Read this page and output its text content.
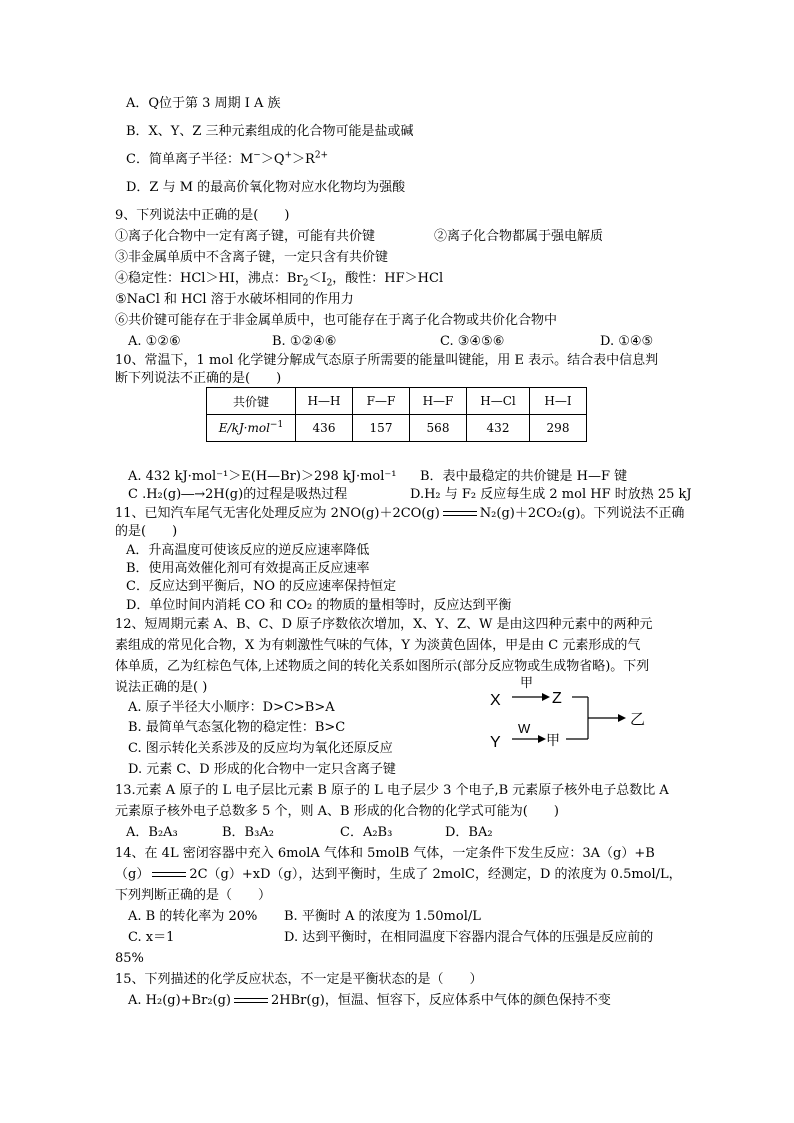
A．Q位于第 3 周期 I A 族
B．X、Y、Z 三种元素组成的化合物可能是盐或碱
C．简单离子半径：$M^->Q^+>R^{2+}$
D．Z 与 M 的最高价氧化物对应水化物均为强酸
9、下列说法中正确的是(　　)
①离子化合物中一定有离子键，可能有共价键	②离子化合物都属于强电解质
③非金属单质中不含离子键，一定只含有共价键
④稳定性：HCl＞HI，沸点：$Br_2<I_2$，酸性：HF＞HCl
⑤NaCl 和 HCl 溶于水破坏相同的作用力
⑥共价键可能存在于非金属单质中，也可能存在于离子化合物或共价化合物中
A. ①②⑥	B. ①②④⑥	C. ③④⑤⑥	D. ①④⑤
10、常温下，1 mol 化学键分解成气态原子所需要的能量叫键能，用 E 表示。结合表中信息判
断下列说法不正确的是(　　)
共价键	H—H	F—F	H—F	H—Cl	H—I
E/kJ·mol$^{-1}$	436	157	568	432	298
A. 432 kJ·mol⁻¹＞E(H—Br)＞298 kJ·mol⁻¹ B．表中最稳定的共价键是 H—F 键
C .H₂(g)―→2H(g)的过程是吸热过程	D.H₂ 与 F₂ 反应每生成 2 mol HF 时放热 25 kJ
11、已知汽车尾气无害化处理反应为 2NO(g)＋2CO(g)	N₂(g)＋2CO₂(g)。下列说法不正确
的是(　　)
A．升高温度可使该反应的逆反应速率降低
B．使用高效催化剂可有效提高正反应速率
C．反应达到平衡后，NO 的反应速率保持恒定
D．单位时间内消耗 CO 和 CO₂ 的物质的量相等时，反应达到平衡
12、短周期元素 A、B、C、D 原子序数依次增加，X、Y、Z、W 是由这四种元素中的两种元
素组成的常见化合物，X 为有刺激性气味的气体，Y 为淡黄色固体，甲是由 C 元素形成的气
体单质，乙为红棕色气体,上述物质之间的转化关系如图所示(部分反应物或生成物省略)。下列
说法正确的是( )
A. 原子半径大小顺序：D>C>B>A
B. 最简单气态氢化物的稳定性：B>C
C. 图示转化关系涉及的反应均为氧化还原反应
D. 元素 C、D 形成的化合物中一定只含离子键
X
甲
Z
Y
W
甲
乙
13.元素 A 原子的 L 电子层比元素 B 原子的 L 电子层少 3 个电子,B 元素原子核外电子总数比 A
元素原子核外电子总数多 5 个，则 A、B 形成的化合物的化学式可能为(　　)
A．B₂A₃	B．B₃A₂	C．A₂B₃	D．BA₂
14、在 4L 密闭容器中充入 6molA 气体和 5molB 气体，一定条件下发生反应：3A（g）+B
（g）	2C（g）+xD（g），达到平衡时，生成了 2molC，经测定，D 的浓度为 0.5mol/L，
下列判断正确的是（　　）
A. B 的转化率为 20% B. 平衡时 A 的浓度为 1.50mol/L
C. x＝1	D. 达到平衡时，在相同温度下容器内混合气体的压强是反应前的
85%
15、下列描述的化学反应状态，不一定是平衡状态的是（　　）
A. H₂(g)+Br₂(g)	2HBr(g)，恒温、恒容下，反应体系中气体的颜色保持不变
